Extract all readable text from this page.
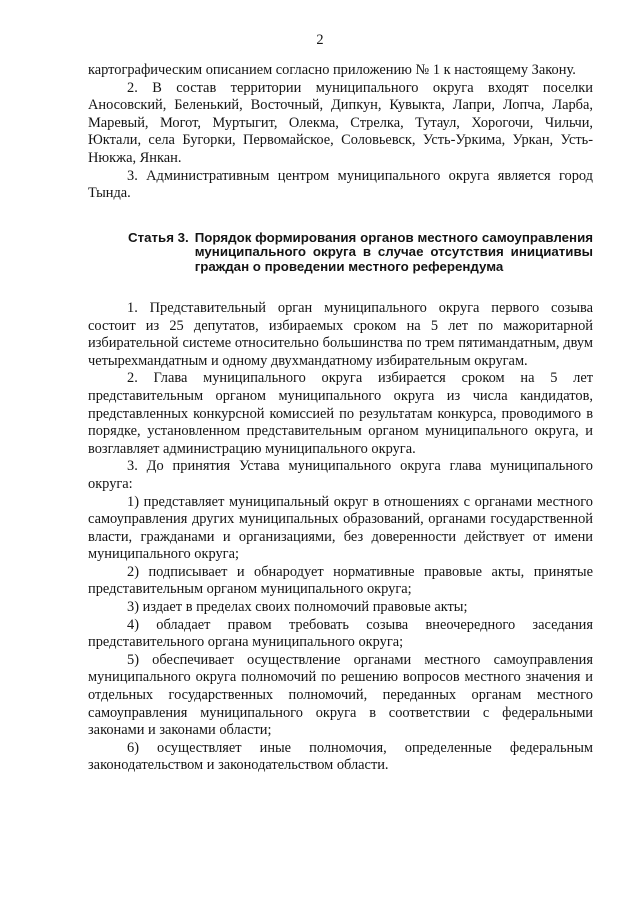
2

картографическим описанием согласно приложению № 1 к настоящему Закону.

2. В состав территории муниципального округа входят поселки Аносовский, Беленький, Восточный, Дипкун, Кувыкта, Лапри, Лопча, Ларба, Маревый, Могот, Муртыгит, Олекма, Стрелка, Тутаул, Хорогочи, Чильчи, Юктали, села Бугорки, Первомайское, Соловьевск, Усть-Уркима, Уркан, Усть-Нюкжа, Янкан.

3. Административным центром муниципального округа является город Тында.

Статья 3. Порядок формирования органов местного самоуправления муниципального округа в случае отсутствия инициативы граждан о проведении местного референдума

1. Представительный орган муниципального округа первого созыва состоит из 25 депутатов, избираемых сроком на 5 лет по мажоритарной избирательной системе относительно большинства по трем пятимандатным, двум четырехмандатным и одному двухмандатному избирательным округам.

2. Глава муниципального округа избирается сроком на 5 лет представительным органом муниципального округа из числа кандидатов, представленных конкурсной комиссией по результатам конкурса, проводимого в порядке, установленном представительным органом муниципального округа, и возглавляет администрацию муниципального округа.

3. До принятия Устава муниципального округа глава муниципального округа:

1) представляет муниципальный округ в отношениях с органами местного самоуправления других муниципальных образований, органами государственной власти, гражданами и организациями, без доверенности действует от имени муниципального округа;

2) подписывает и обнародует нормативные правовые акты, принятые представительным органом муниципального округа;

3) издает в пределах своих полномочий правовые акты;

4) обладает правом требовать созыва внеочередного заседания представительного органа муниципального округа;

5) обеспечивает осуществление органами местного самоуправления муниципального округа полномочий по решению вопросов местного значения и отдельных государственных полномочий, переданных органам местного самоуправления муниципального округа в соответствии с федеральными законами и законами области;

6) осуществляет иные полномочия, определенные федеральным законодательством и законодательством области.
